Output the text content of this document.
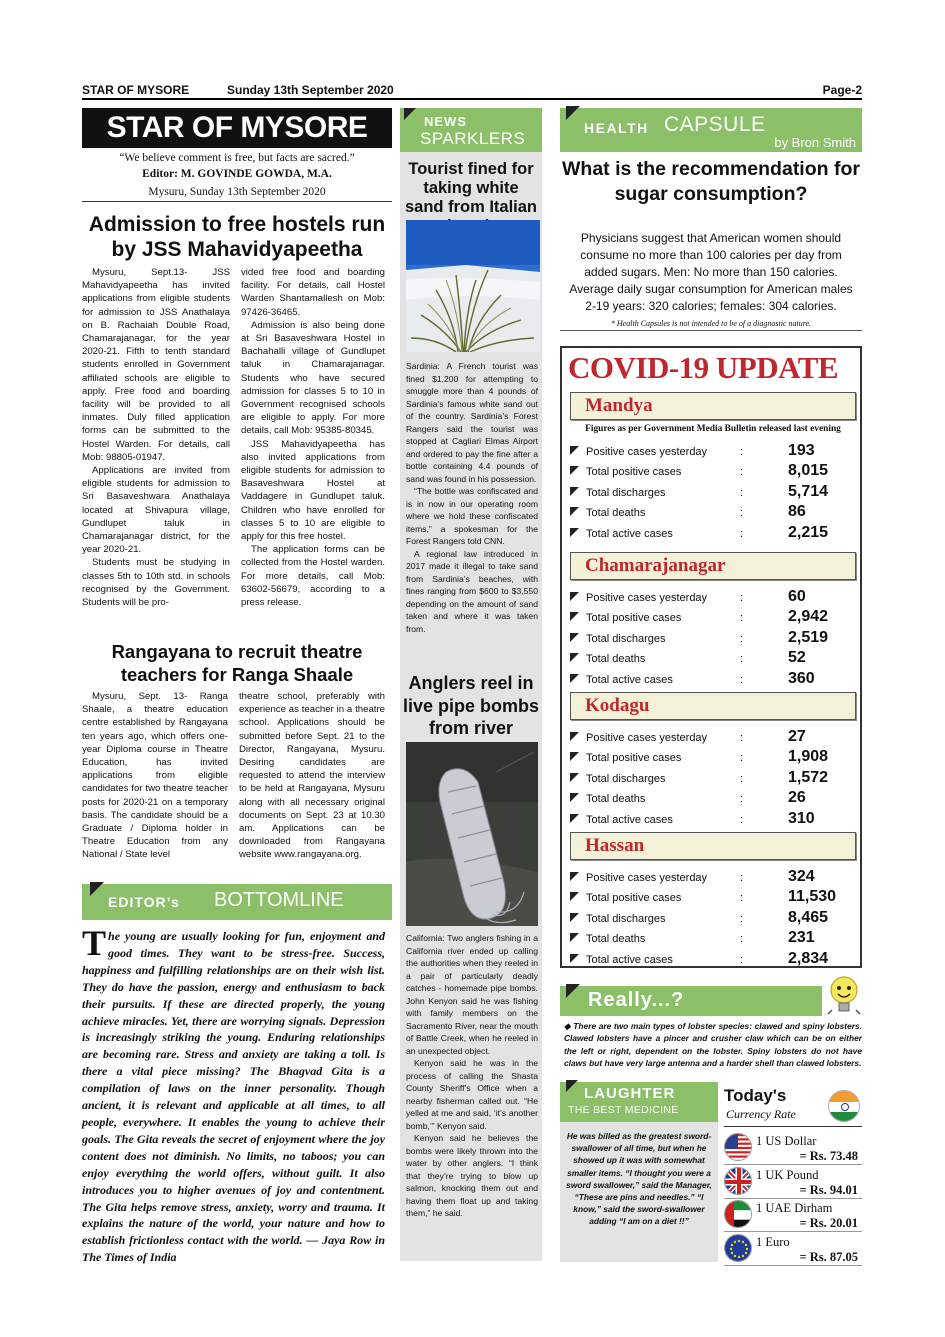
STAR OF MYSORE	Sunday 13th September 2020	Page-2
STAR OF MYSORE
“We believe comment is free, but facts are sacred.”
Editor: M. GOVINDE GOWDA, M.A.
Mysuru, Sunday 13th September 2020
Admission to free hostels run by JSS Mahavidyapeetha

Mysuru, Sept.13- JSS Mahavidyapeetha has invited applications from eligible students for admission to JSS Anathalaya on B. Rachaiah Double Road, Chamarajanagar, for the year 2020-21. Fifth to tenth standard students enrolled in Government affiliated schools are eligible to apply. Free food and boarding facility will be provided to all inmates. Duly filled application forms can be submitted to the Hostel Warden. For details, call Mob: 98805-01947.

Applications are invited from eligible students for admission to Sri Basaveshwara Anathalaya located at Shivapura village, Gundlupet taluk in Chamarajanagar district, for the year 2020-21.

Students must be studying in classes 5th to 10th std. in schools recognised by the Government. Students will be pro-

vided free food and boarding facility. For details, call Hostel Warden Shantamallesh on Mob: 97426-36465.

Admission is also being done at Sri Basaveshwara Hostel in Bachahalli village of Gundlupet taluk in Chamarajanagar. Students who have secured admission for classes 5 to 10 in Government recognised schools are eligible to apply. For more details, call Mob: 95385-80345.

JSS Mahavidyapeetha has also invited applications from eligible students for admission to Basaveshwara Hostel at Vaddagere in Gundlupet taluk. Children who have enrolled for classes 5 to 10 are eligible to apply for this free hostel.

The application forms can be collected from the Hostel warden. For more details, call Mob: 63602-56679, according to a press release.

Rangayana to recruit theatre teachers for Ranga Shaale

Mysuru, Sept. 13- Ranga Shaale, a theatre education centre established by Rangayana ten years ago, which offers one-year Diploma course in Theatre Education, has invited applications from eligible candidates for two theatre teacher posts for 2020-21 on a temporary basis. The candidate should be a Graduate / Diploma holder in Theatre Education from any National / State level

theatre school, preferably with experience as teacher in a theatre school. Applications should be submitted before Sept. 21 to the Director, Rangayana, Mysuru. Desiring candidates are requested to attend the interview to be held at Rangayana, Mysuru along with all necessary original documents on Sept. 23 at 10.30 am. Applications can be downloaded from Rangayana website www.rangayana.org.

EDITOR’s BOTTOMLINE
The young are usually looking for fun, enjoyment and good times. They want to be stress-free. Success, happiness and fulfilling relationships are on their wish list. They do have the passion, energy and enthusiasm to back their pursuits. If these are directed properly, the young achieve miracles. Yet, there are worrying signals. Depression is increasingly striking the young. Enduring relationships are becoming rare. Stress and anxiety are taking a toll. Is there a vital piece missing? The Bhagvad Gita is a compilation of laws on the inner personality. Though ancient, it is relevant and applicable at all times, to all people, everywhere. It enables the young to achieve their goals. The Gita reveals the secret of enjoyment where the joy content does not diminish. No limits, no taboos; you can enjoy everything the world offers, without guilt. It also introduces you to higher avenues of joy and contentment. The Gita helps remove stress, anxiety, worry and trauma. It explains the nature of the world, your nature and how to establish frictionless contact with the world. — Jaya Row in The Times of India
NEWS
SPARKLERS
Tourist fined for taking white sand from Italian

Sardinia: A French tourist was fined $1,200 for attempting to smuggle more than 4 pounds of Sardinia’s famous white sand out of the country. Sardinia’s Forest Rangers said the tourist was stopped at Cagliari Elmas Airport and ordered to pay the fine after a bottle containing 4.4 pounds of sand was found in his possession.

“The bottle was confiscated and is in now in our operating room where we hold these confiscated items,” a spokesman for the Forest Rangers told CNN.

A regional law introduced in 2017 made it illegal to take sand from Sardinia’s beaches, with fines ranging from $600 to $3,550 depending on the amount of sand taken and where it was taken from.

Anglers reel in live pipe bombs from river

California: Two anglers fishing in a California river ended up calling the authorities when they reeled in a pair of particularly deadly catches - homemade pipe bombs. John Kenyon said he was fishing with family members on the Sacramento River, near the mouth of Battle Creek, when he reeled in an unexpected object.

Kenyon said he was in the process of calling the Shasta County Sheriff’s Office when a nearby fisherman called out. “He yelled at me and said, ‘it’s another bomb,’” Kenyon said.

Kenyon said he believes the bombs were likely thrown into the water by other anglers. “I think that they’re trying to blow up salmon, knocking them out and having them float up and taking them,” he said.

HEALTH CAPSULE
by Bron Smith
What is the recommendation for sugar consumption?
Physicians suggest that American women should consume no more than 100 calories per day from added sugars. Men: No more than 150 calories. Average daily sugar consumption for American males 2-19 years: 320 calories; females: 304 calories.
* Health Capsules is not intended to be of a diagnostic nature.
COVID-19 UPDATE
Figures as per Government Media Bulletin released last evening
Mandya
Positive cases yesterday	:	193
Total positive cases	:	8,015
Total discharges	:	5,714
Total deaths	:	86
Total active cases	:	2,215
Chamarajanagar
Positive cases yesterday	:	60
Total positive cases	:	2,942
Total discharges	:	2,519
Total deaths	:	52
Total active cases	:	360
Kodagu
Positive cases yesterday	:	27
Total positive cases	:	1,908
Total discharges	:	1,572
Total deaths	:	26
Total active cases	:	310
Hassan
Positive cases yesterday	:	324
Total positive cases	:	11,530
Total discharges	:	8,465
Total deaths	:	231
Total active cases	:	2,834
Really...?
◆ There are two main types of lobster species: clawed and spiny lobsters. Clawed lobsters have a pincer and crusher claw which can be on either the left or right, dependent on the lobster. Spiny lobsters do not have claws but have very large antenna and a harder shell than clawed lobsters.
LAUGHTER
THE BEST MEDICINE
He was billed as the greatest sword-swallower of all time, but when he showed up it was with somewhat smaller items. “I thought you were a sword swallower,” said the Manager, “These are pins and needles.” “I know,” said the sword-swallower adding “I am on a diet !!”
Today's
Currency Rate
1 US Dollar
= Rs. 73.48
1 UK Pound
= Rs. 94.01
1 UAE Dirham
= Rs. 20.01
1 Euro
= Rs. 87.05
